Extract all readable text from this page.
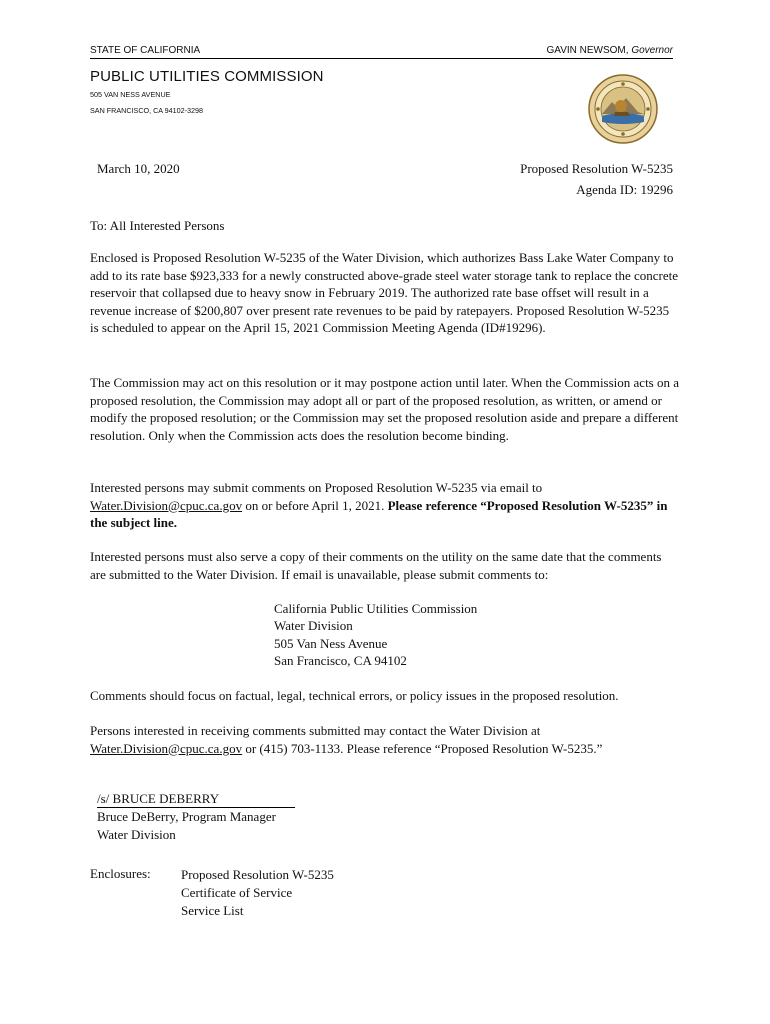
STATE OF CALIFORNIA	GAVIN NEWSOM, Governor
PUBLIC UTILITIES COMMISSION
505 VAN NESS AVENUE
SAN FRANCISCO, CA 94102-3298
March 10, 2020	Proposed Resolution W-5235
Agenda ID: 19296
To: All Interested Persons

Enclosed is Proposed Resolution W-5235 of the Water Division, which authorizes Bass Lake Water Company to add to its rate base $923,333 for a newly constructed above-grade steel water storage tank to replace the concrete reservoir that collapsed due to heavy snow in February 2019. The authorized rate base offset will result in a revenue increase of $200,807 over present rate revenues to be paid by ratepayers. Proposed Resolution W-5235 is scheduled to appear on the April 15, 2021 Commission Meeting Agenda (ID#19296).

The Commission may act on this resolution or it may postpone action until later. When the Commission acts on a proposed resolution, the Commission may adopt all or part of the proposed resolution, as written, or amend or modify the proposed resolution; or the Commission may set the proposed resolution aside and prepare a different resolution. Only when the Commission acts does the resolution become binding.

Interested persons may submit comments on Proposed Resolution W-5235 via email to Water.Division@cpuc.ca.gov on or before April 1, 2021. Please reference “Proposed Resolution W-5235” in the subject line.

Interested persons must also serve a copy of their comments on the utility on the same date that the comments are submitted to the Water Division. If email is unavailable, please submit comments to:

California Public Utilities Commission
Water Division
505 Van Ness Avenue
San Francisco, CA 94102

Comments should focus on factual, legal, technical errors, or policy issues in the proposed resolution.

Persons interested in receiving comments submitted may contact the Water Division at Water.Division@cpuc.ca.gov or (415) 703-1133. Please reference “Proposed Resolution W-5235.”

/s/ BRUCE DEBERRY
Bruce DeBerry, Program Manager
Water Division
Enclosures: Proposed Resolution W-5235
Certificate of Service
Service List
